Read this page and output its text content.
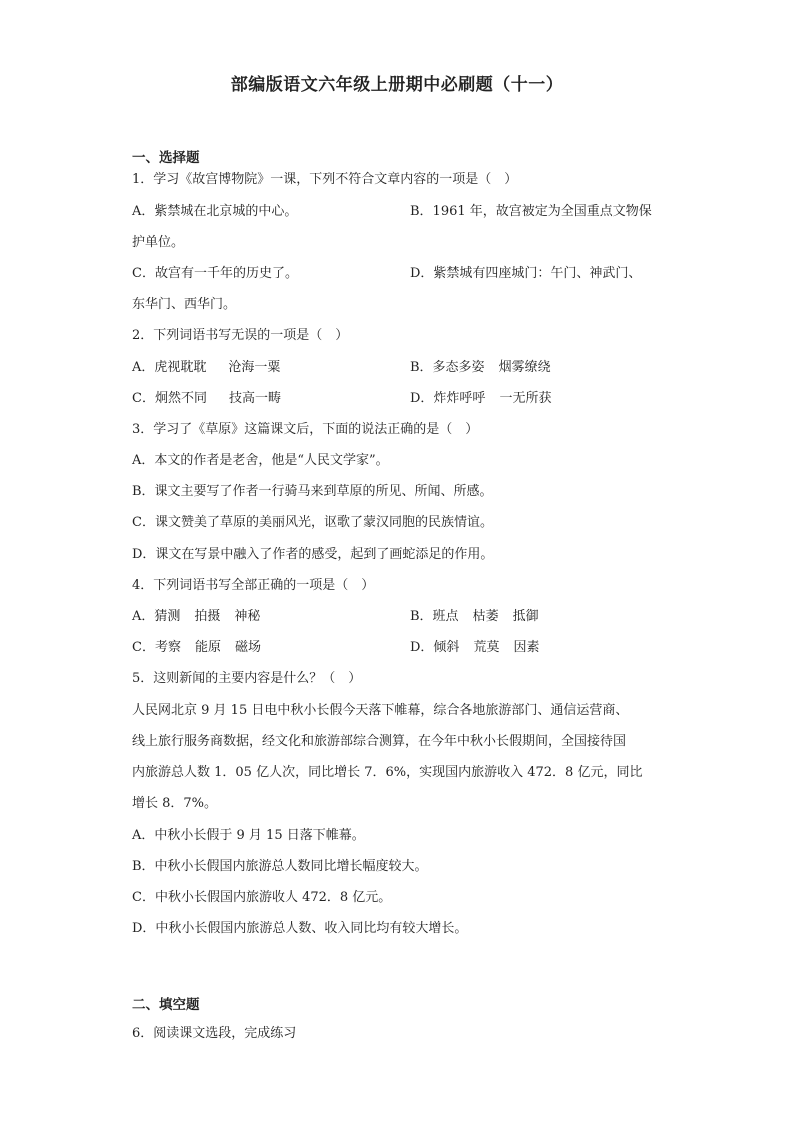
部编版语文六年级上册期中必刷题（十一）
一、选择题
1．学习《故宫博物院》一课，下列不符合文章内容的一项是（　）
A．紫禁城在北京城的中心。	B．1961 年，故宫被定为全国重点文物保
护单位。
C．故宫有一千年的历史了。	D．紫禁城有四座城门：午门、神武门、
东华门、西华门。
2．下列词语书写无误的一项是（　）
A．虎视耽耽 沧海一粟	B．多态多姿 烟雾缭绕
C．炯然不同 技高一畴	D．炸炸呼呼 一无所获
3．学习了《草原》这篇课文后，下面的说法正确的是（　）
A．本文的作者是老舍，他是“人民文学家”。
B．课文主要写了作者一行骑马来到草原的所见、所闻、所感。
C．课文赞美了草原的美丽风光，讴歌了蒙汉同胞的民族情谊。
D．课文在写景中融入了作者的感受，起到了画蛇添足的作用。
4．下列词语书写全部正确的一项是（　）
A．猜测 拍摄 神秘	B．班点 枯萎 抵御
C．考察 能原 磁场	D．倾斜 荒莫 因素
5．这则新闻的主要内容是什么？（　）
人民网北京 9 月 15 日电中秋小长假今天落下帷幕，综合各地旅游部门、通信运营商、
线上旅行服务商数据，经文化和旅游部综合测算，在今年中秋小长假期间，全国接待国
内旅游总人数 1．05 亿人次，同比增长 7．6%，实现国内旅游收入 472．8 亿元，同比
增长 8．7%。
A．中秋小长假于 9 月 15 日落下帷幕。
B．中秋小长假国内旅游总人数同比增长幅度较大。
C．中秋小长假国内旅游收人 472．8 亿元。
D．中秋小长假国内旅游总人数、收入同比均有较大增长。
二、填空题
6．阅读课文选段，完成练习
